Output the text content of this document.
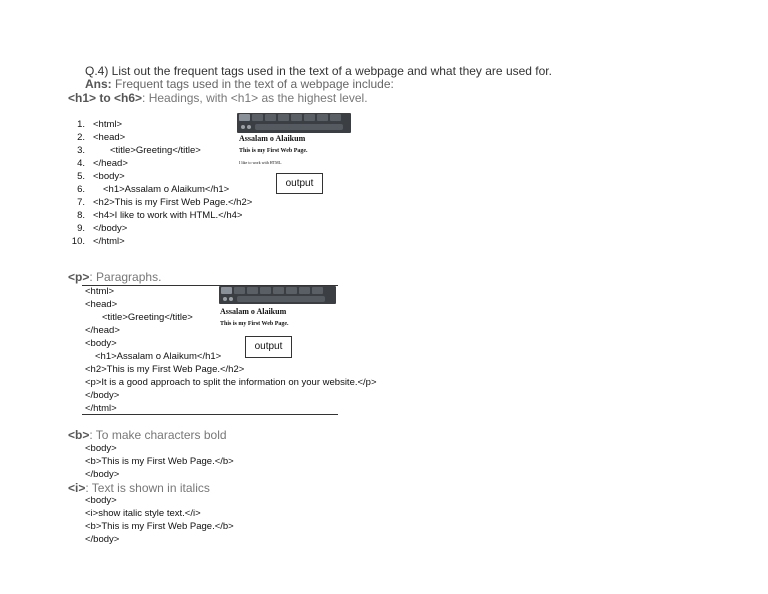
Q.4) List out the frequent tags used in the text of a webpage and what they are used for.
Ans: Frequent tags used in the text of a webpage include:
<h1> to <h6>: Headings, with <h1> as the highest level.
1. <html>
2. <head>
3.	<title>Greeting</title>
4. </head>
5. <body>
6. <h1>Assalam o Alaikum</h1>
7. <h2>This is my First Web Page.</h2>
8. <h4>I like to work with HTML.</h4>
9. </body>
10. </html>
Assalam o Alaikum
This is my First Web Page.
I like to work with HTML.
output
<p>: Paragraphs.
<html>
<head>
<title>Greeting</title>
</head>
<body>
<h1>Assalam o Alaikum</h1>
<h2>This is my First Web Page.</h2>
<p>It is a good approach to split the information on your website.</p>
</body>
</html>
Assalam o Alaikum
This is my First Web Page.
output
<b>: To make characters bold
<body>
<b>This is my First Web Page.</b>
</body>
<i>: Text is shown in italics
<body>
<i>show italic style text.</i>
<b>This is my First Web Page.</b>
</body>
